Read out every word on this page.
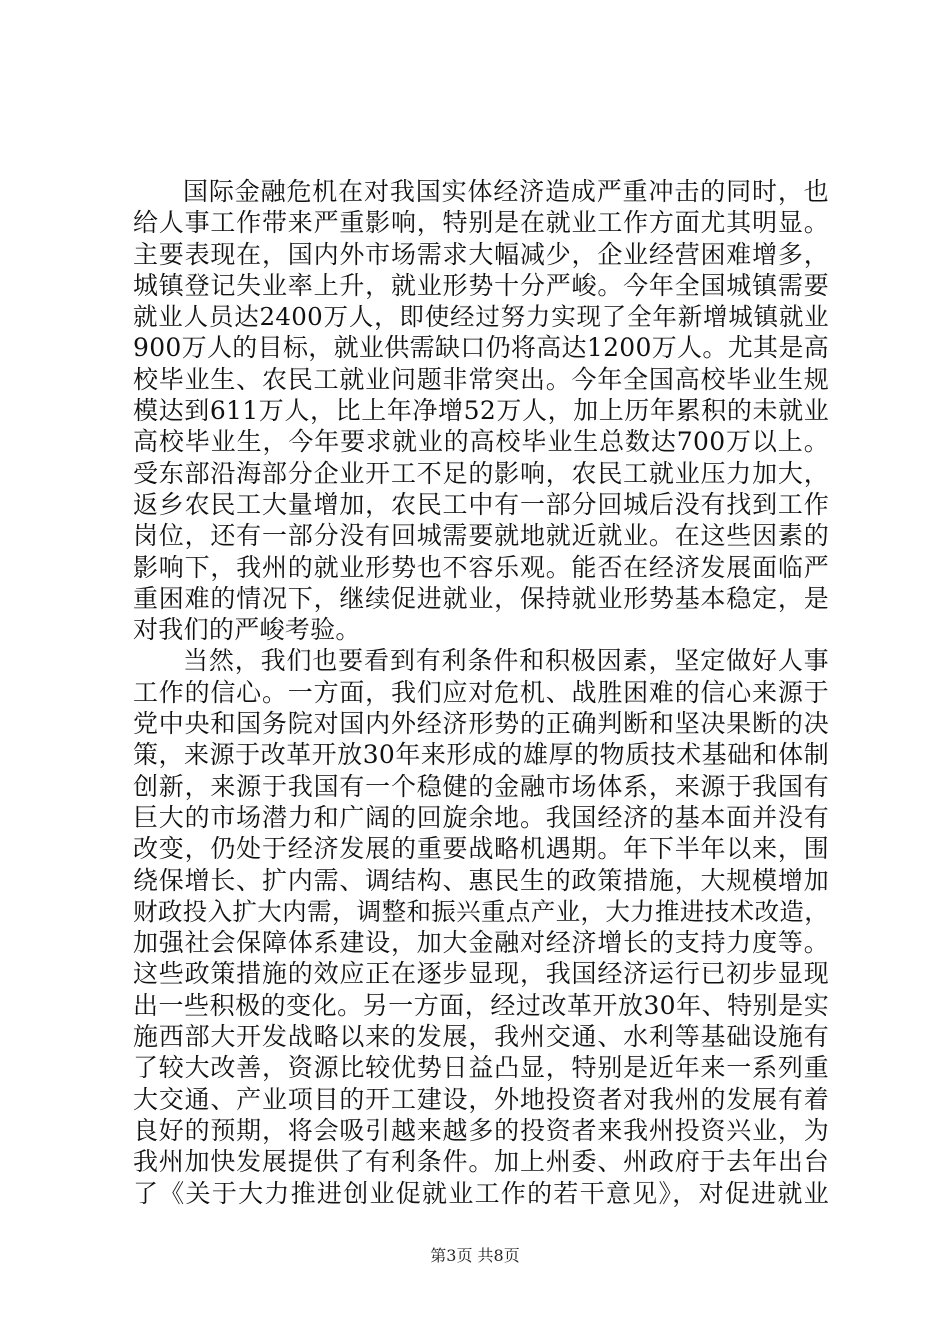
国际金融危机在对我国实体经济造成严重冲击的同时，也
给人事工作带来严重影响，特别是在就业工作方面尤其明显。
主要表现在，国内外市场需求大幅减少，企业经营困难增多，
城镇登记失业率上升，就业形势十分严峻。今年全国城镇需要
就业人员达2400万人，即使经过努力实现了全年新增城镇就业
900万人的目标，就业供需缺口仍将高达1200万人。尤其是高
校毕业生、农民工就业问题非常突出。今年全国高校毕业生规
模达到611万人，比上年净增52万人，加上历年累积的未就业
高校毕业生，今年要求就业的高校毕业生总数达700万以上。
受东部沿海部分企业开工不足的影响，农民工就业压力加大，
返乡农民工大量增加，农民工中有一部分回城后没有找到工作
岗位，还有一部分没有回城需要就地就近就业。在这些因素的
影响下，我州的就业形势也不容乐观。能否在经济发展面临严
重困难的情况下，继续促进就业，保持就业形势基本稳定，是
对我们的严峻考验。
当然，我们也要看到有利条件和积极因素，坚定做好人事
工作的信心。一方面，我们应对危机、战胜困难的信心来源于
党中央和国务院对国内外经济形势的正确判断和坚决果断的决
策，来源于改革开放30年来形成的雄厚的物质技术基础和体制
创新，来源于我国有一个稳健的金融市场体系，来源于我国有
巨大的市场潜力和广阔的回旋余地。我国经济的基本面并没有
改变，仍处于经济发展的重要战略机遇期。年下半年以来，围
绕保增长、扩内需、调结构、惠民生的政策措施，大规模增加
财政投入扩大内需，调整和振兴重点产业，大力推进技术改造，
加强社会保障体系建设，加大金融对经济增长的支持力度等。
这些政策措施的效应正在逐步显现，我国经济运行已初步显现
出一些积极的变化。另一方面，经过改革开放30年、特别是实
施西部大开发战略以来的发展，我州交通、水利等基础设施有
了较大改善，资源比较优势日益凸显，特别是近年来一系列重
大交通、产业项目的开工建设，外地投资者对我州的发展有着
良好的预期，将会吸引越来越多的投资者来我州投资兴业，为
我州加快发展提供了有利条件。加上州委、州政府于去年出台
了《关于大力推进创业促就业工作的若干意见》，对促进就业
第3页 共8页
